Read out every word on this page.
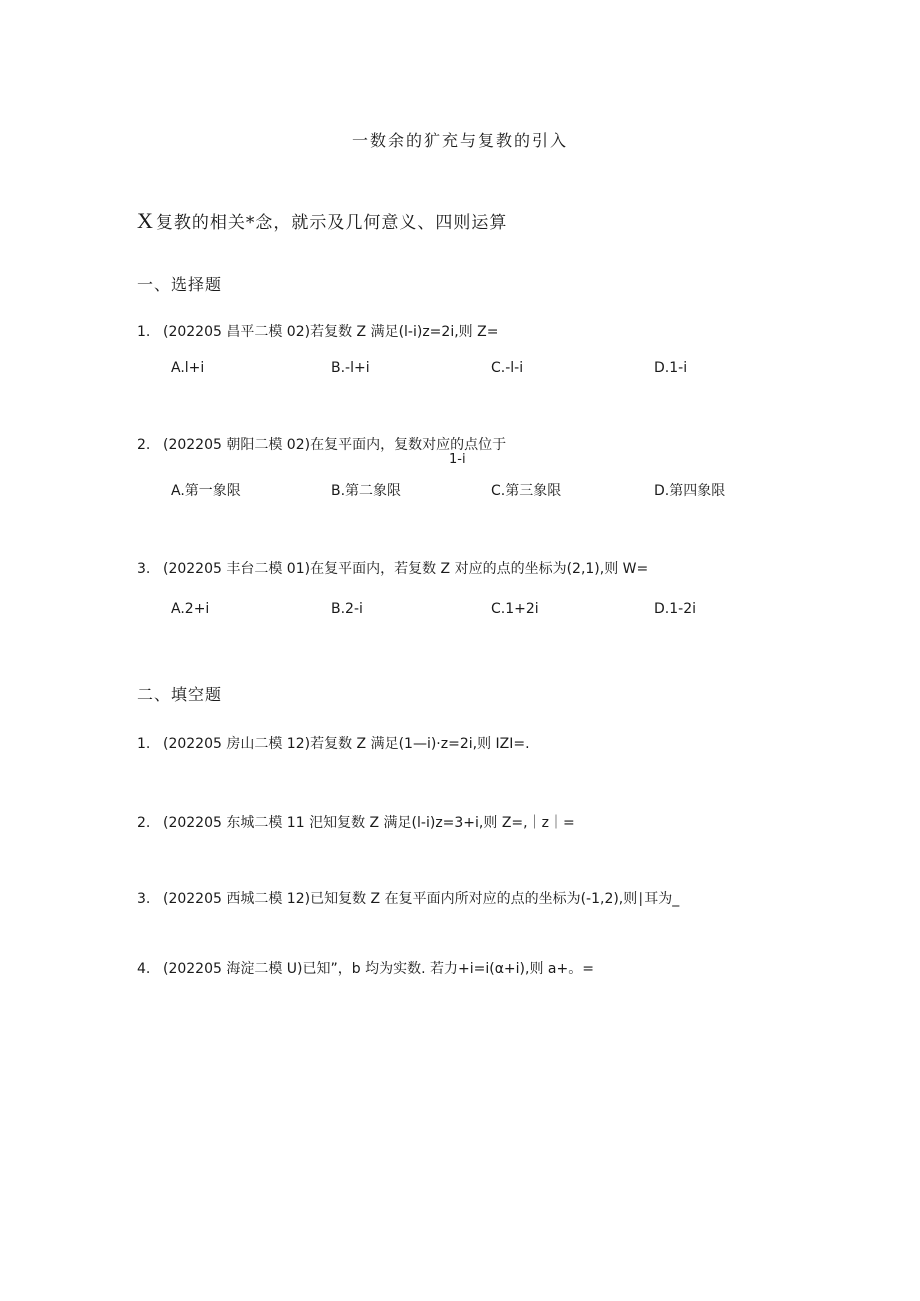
一数余的犷充与复教的引入
X 复教的相关*念，就示及几何意义、四则运算
一、选择题
1. (202205 昌平二模 02)若复数 Z 满足(l-i)z=2i,则 Z=
A.l+i	B.-l+i	C.-l-i	D.1-i
2. (202205 朝阳二模 02)在复平面内，复数对应的点位于
1-i
A.第一象限	B.第二象限	C.第三象限	D.第四象限
3. (202205 丰台二模 01)在复平面内，若复数 Z 对应的点的坐标为(2,1),则 W=
A.2+i	B.2-i	C.1+2i	D.1-2i
二、填空题
1. (202205 房山二模 12)若复数 Z 满足(1—i)·z=2i,则 IZI=.
2. (202205 东城二模 11 汜知复数 Z 满足(l-i)z=3+i,则 Z=,｜z｜=
3. (202205 西城二模 12)已知复数 Z 在复平面内所对应的点的坐标为(-1,2),则∣耳为_
4. (202205 海淀二模 U)已知”，b 均为实数. 若力+i=i(α+i),则 a+。=
